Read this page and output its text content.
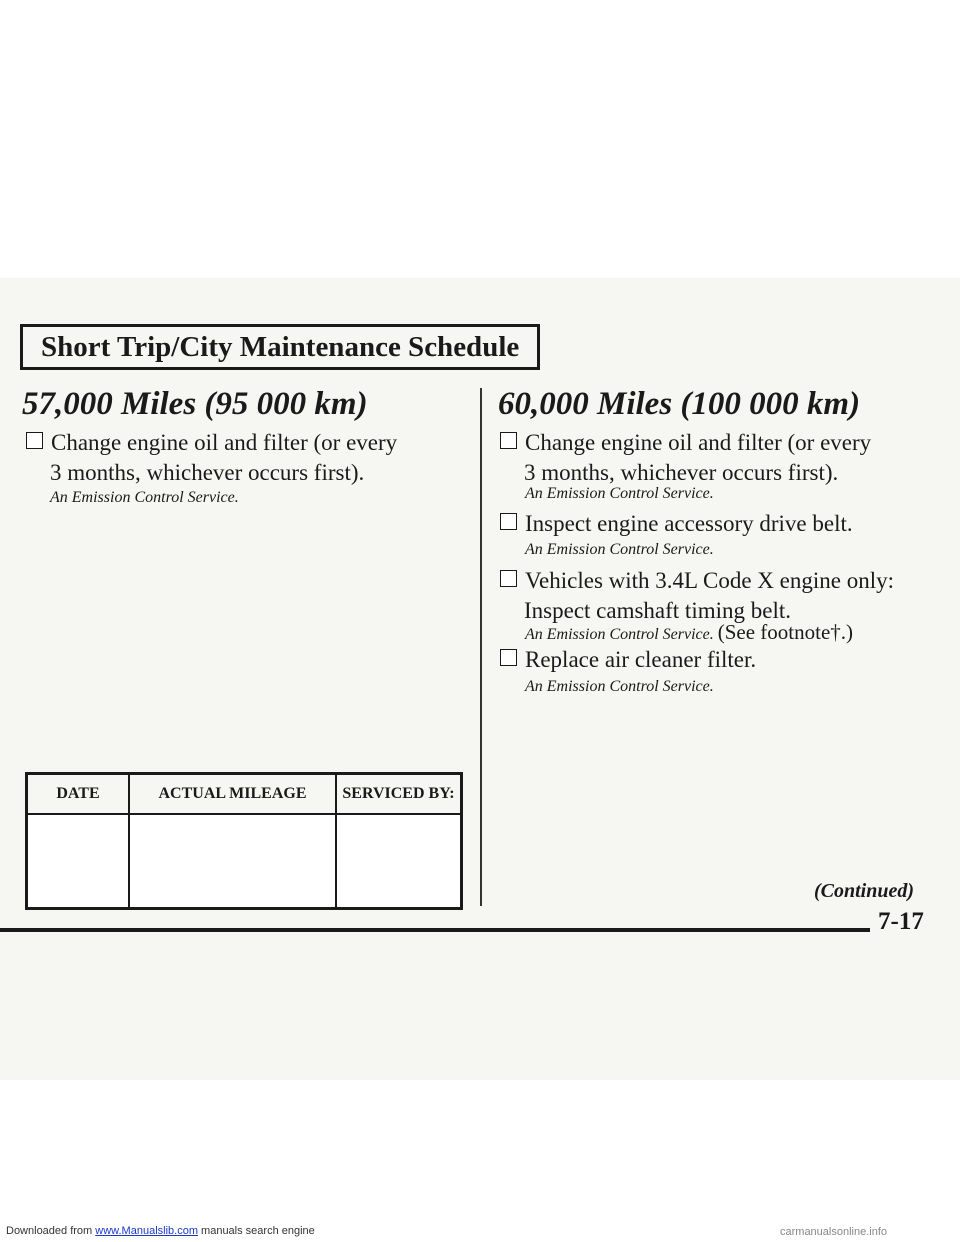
Short Trip/City Maintenance Schedule
57,000 Miles (95 000 km)
Change engine oil and filter (or every
3 months, whichever occurs first).
An Emission Control Service.
DATE	ACTUAL MILEAGE	SERVICED BY:

60,000 Miles (100 000 km)
Change engine oil and filter (or every
3 months, whichever occurs first).
An Emission Control Service.
Inspect engine accessory drive belt.
An Emission Control Service.
Vehicles with 3.4L Code X engine only:
Inspect camshaft timing belt.
An Emission Control Service. (See footnote†.)
Replace air cleaner filter.
An Emission Control Service.
(Continued)
7-17
Downloaded from www.Manualslib.com manuals search engine	carmanualsonline.info
